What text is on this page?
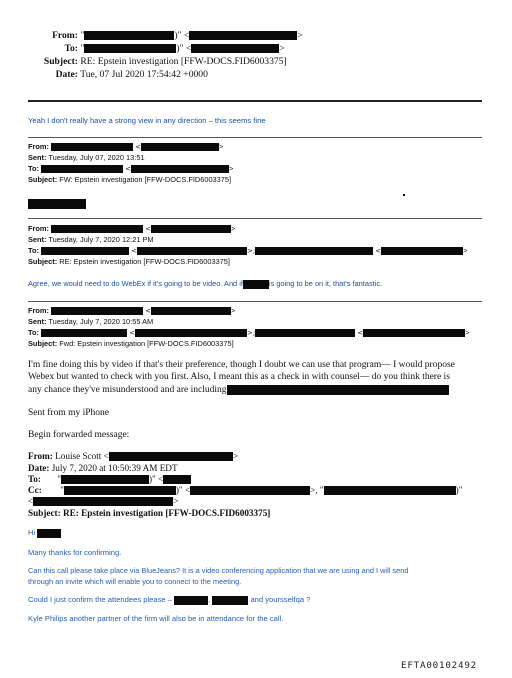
From: "	)" <	>
To: "	)" <	>
Subject: RE: Epstein investigation [FFW-DOCS.FID6003375]
Date: Tue, 07 Jul 2020 17:54:42 +0000
Yeah I don't really have a strong view in any direction – this seems fine
From:	<	>
Sent: Tuesday, July 07, 2020 13:51
To:	<	>
Subject: FW: Epstein investigation [FFW-DOCS.FID6003375]
From:	<	>
Sent: Tuesday, July 7, 2020 12:21 PM
To:	<	>;	<	>
Subject: RE: Epstein investigation [FFW-DOCS.FID6003375]
Agree, we would need to do WebEx if it's going to be video. And if	is going to be on it, that's fantastic.
From:	<	>
Sent: Tuesday, July 7, 2020 10:55 AM
To:	<	>;	<	>
Subject: Fwd: Epstein investigation [FFW-DOCS.FID6003375]
I'm fine doing this by video if that's their preference, though I doubt we can use that program— I would propose
Webex but wanted to check with you first. Also, I meant this as a check in with counsel— do you think there is
any chance they've misunderstood and are including
Sent from my iPhone
Begin forwarded message:
From: Louise Scott <	>
Date: July 7, 2020 at 10:50:39 AM EDT
To: "	)" <
Cc: "	)" <	>, "	)"
<	>
Subject: RE: Epstein investigation [FFW-DOCS.FID6003375]
Hi
Many thanks for confirming.
Can this call please take place via BlueJeans? It is a video conferencing application that we are using and I will send
through an invite which will enable you to connect to the meeting.
Could I just confirm the attendees please –	,	and yoursselfqa ?
Kyle Philips another partner of the firm will also be in attendance for the call.
EFTA00102492
